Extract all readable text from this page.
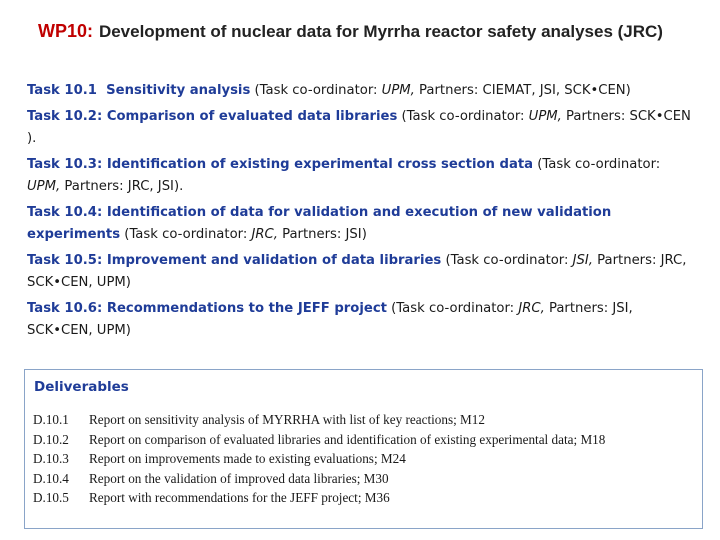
WP10: Development of nuclear data for Myrrha reactor safety analyses (JRC)
Task 10.1 Sensitivity analysis (Task co-ordinator: UPM, Partners: CIEMAT, JSI, SCK•CEN)
Task 10.2: Comparison of evaluated data libraries (Task co-ordinator: UPM, Partners: SCK•CEN ).
Task 10.3: Identification of existing experimental cross section data (Task co-ordinator: UPM, Partners: JRC, JSI).
Task 10.4: Identification of data for validation and execution of new validation experiments (Task co-ordinator: JRC, Partners: JSI)
Task 10.5: Improvement and validation of data libraries (Task co-ordinator: JSI, Partners: JRC, SCK•CEN, UPM)
Task 10.6: Recommendations to the JEFF project (Task co-ordinator: JRC, Partners: JSI, SCK•CEN, UPM)
Deliverables
D.10.1	Report on sensitivity analysis of MYRRHA with list of key reactions; M12
D.10.2	Report on comparison of evaluated libraries and identification of existing experimental data; M18
D.10.3	Report on improvements made to existing evaluations; M24
D.10.4	Report on the validation of improved data libraries; M30
D.10.5	Report with recommendations for the JEFF project; M36
